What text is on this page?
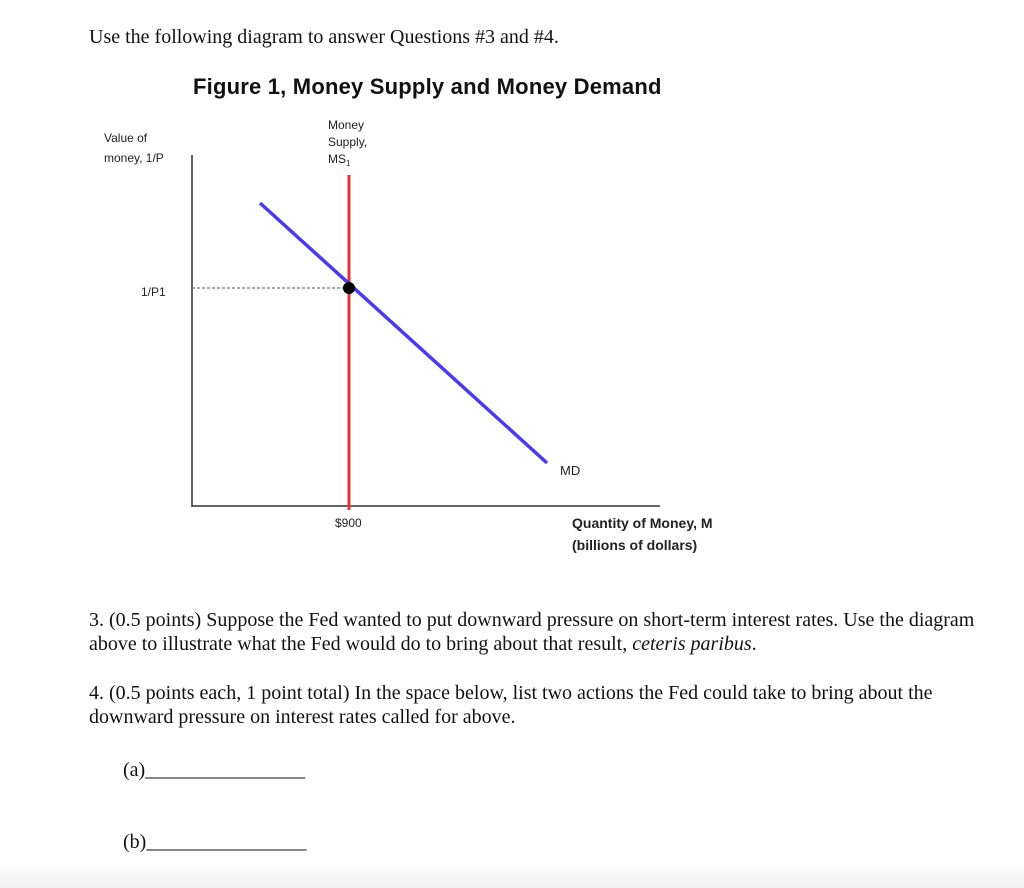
Use the following diagram to answer Questions #3 and #4.
Figure 1, Money Supply and Money Demand
Value of
money, 1/P
Money
Supply,
$MS_1$
1/P1
$900
MD
Quantity of Money, M
(billions of dollars)
3. (0.5 points) Suppose the Fed wanted to put downward pressure on short-term interest rates. Use the diagram above to illustrate what the Fed would do to bring about that result, ceteris paribus.
4. (0.5 points each, 1 point total) In the space below, list two actions the Fed could take to bring about the downward pressure on interest rates called for above.
(a)________________
(b)________________
